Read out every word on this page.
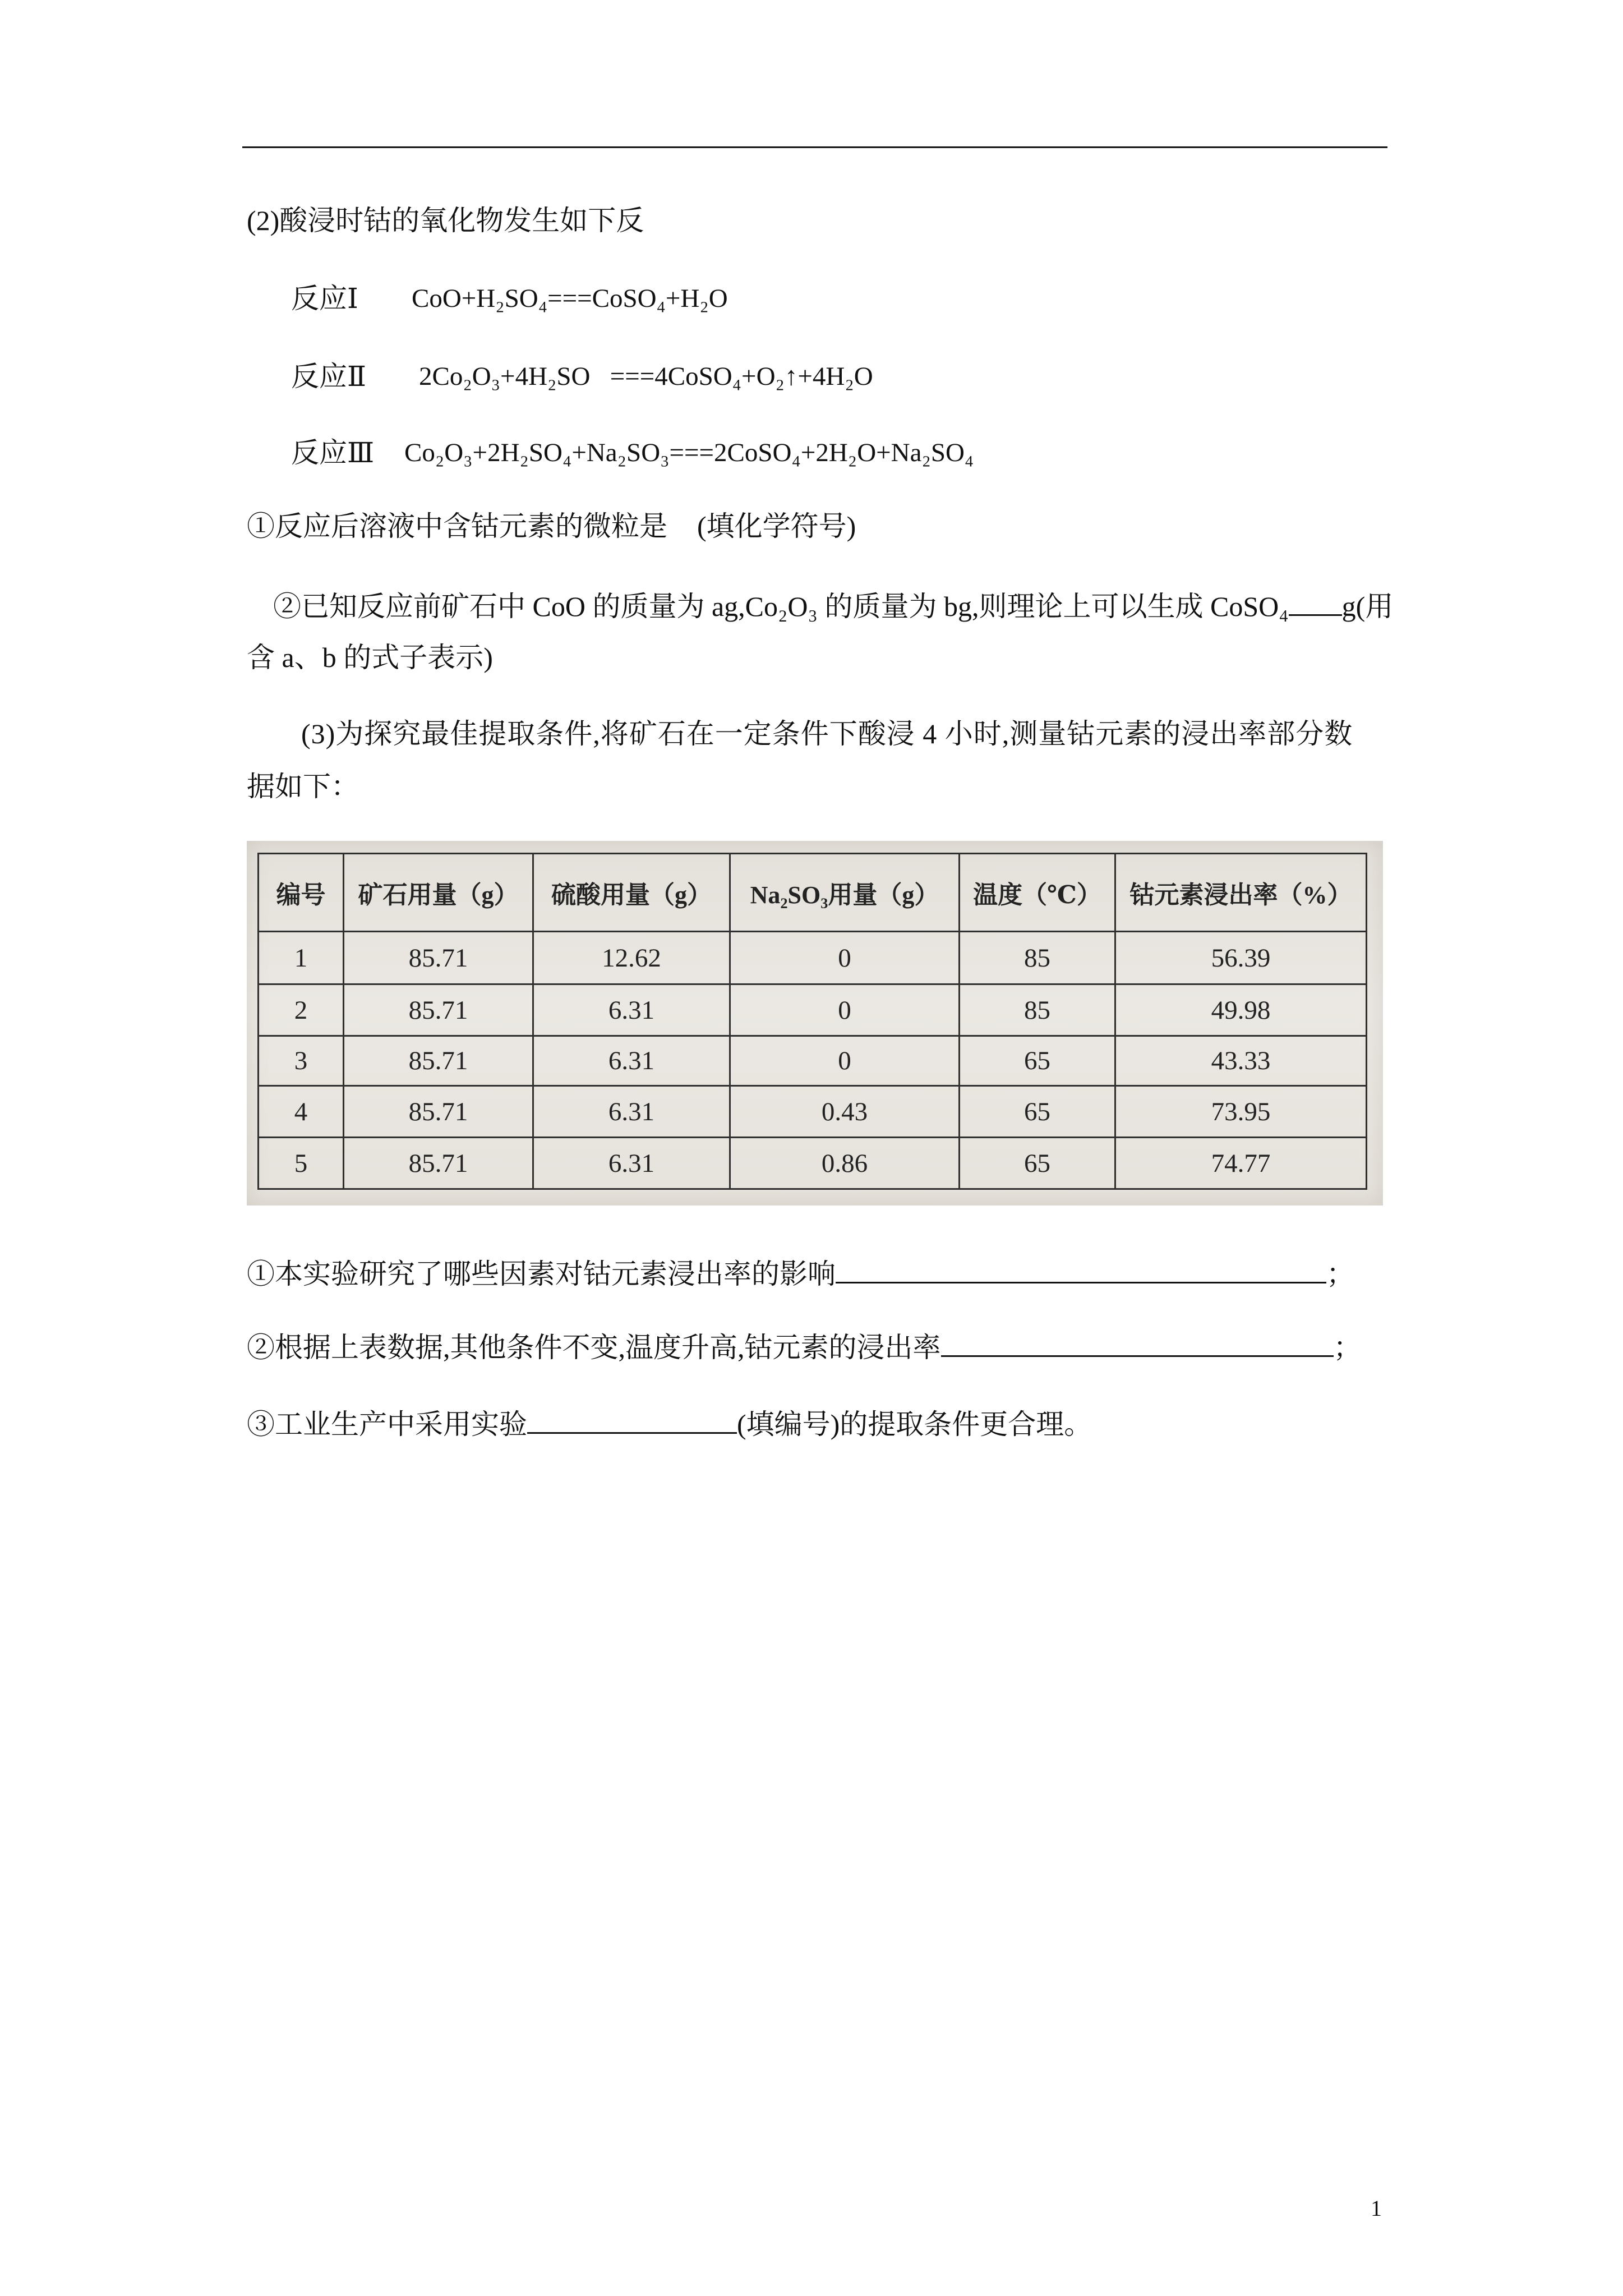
(2)酸浸时钴的氧化物发生如下反
反应Ⅰ CoO+H₂SO₄===CoSO₄+H₂O
反应Ⅱ 2Co₂O₃+4H₂SO   ===4CoSO₄+O₂↑+4H₂O
反应Ⅲ Co₂O₃+2H₂SO₄+Na₂SO₃===2CoSO₄+2H₂O+Na₂SO₄
①反应后溶液中含钴元素的微粒是 (填化学符号)
②已知反应前矿石中 CoO 的质量为 ag,Co₂O₃ 的质量为 bg,则理论上可以生成 CoSO₄ g(用
含 a、b 的式子表示)
(3)为探究最佳提取条件,将矿石在一定条件下酸浸 4 小时,测量钴元素的浸出率部分数
据如下：
编号	矿石用量（g）	硫酸用量（g）	Na₂SO₃用量（g）	温度（℃）	钴元素浸出率（%）
1	85.71	12.62	0	85	56.39
2	85.71	6.31	0	85	49.98
3	85.71	6.31	0	65	43.33
4	85.71	6.31	0.43	65	73.95
5	85.71	6.31	0.86	65	74.77
①本实验研究了哪些因素对钴元素浸出率的影响	；
②根据上表数据,其他条件不变,温度升高,钴元素的浸出率	；
③工业生产中采用实验	(填编号)的提取条件更合理。
1
